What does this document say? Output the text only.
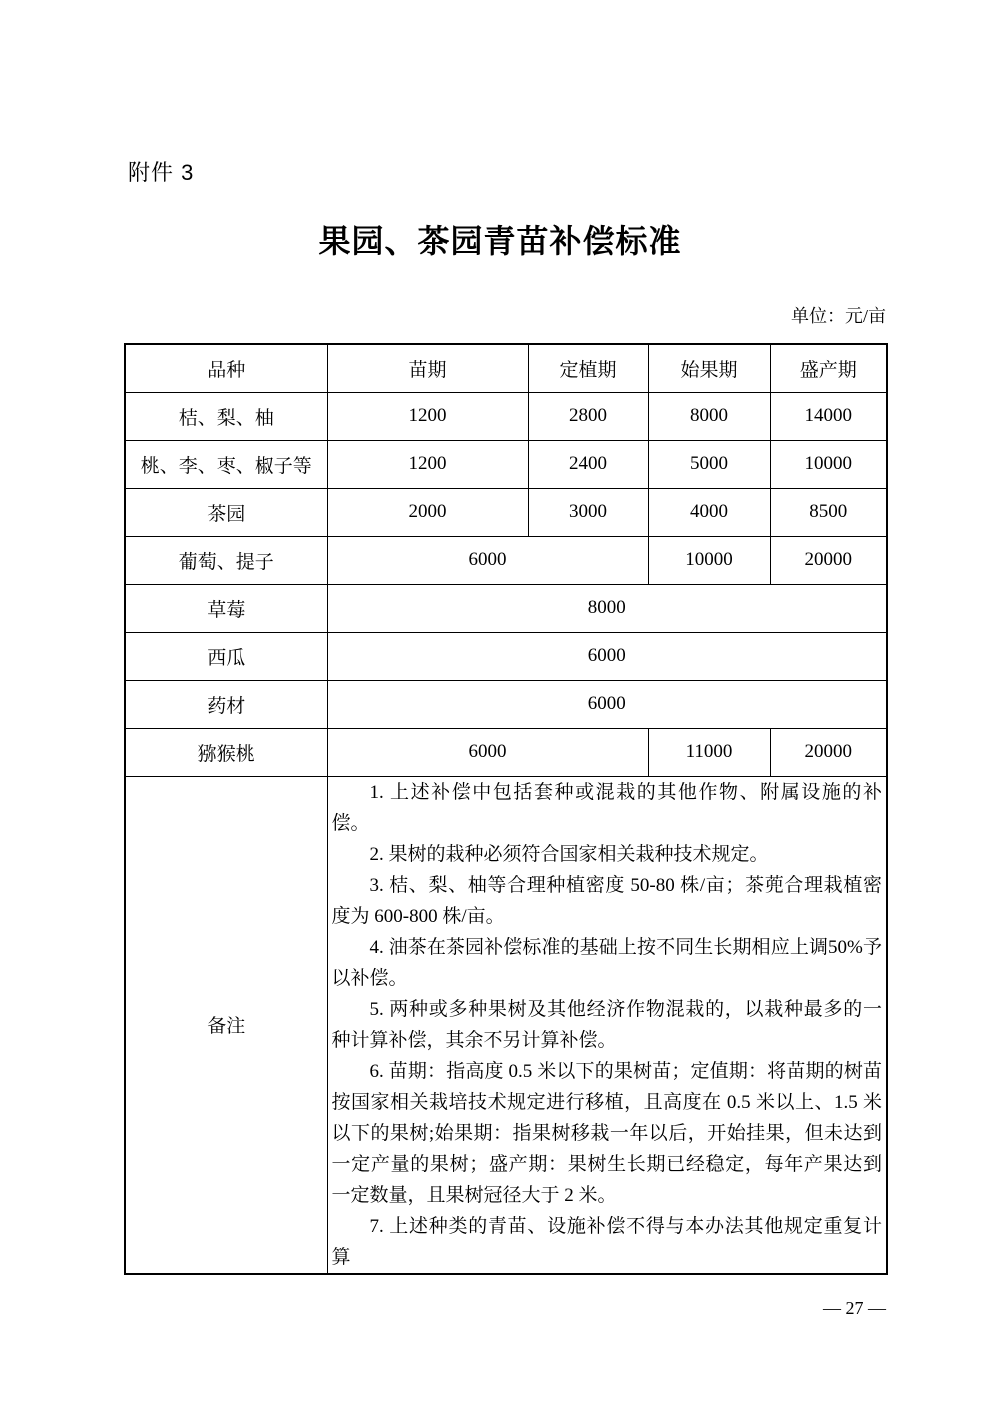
附件 3
果园、茶园青苗补偿标准
单位：元/亩
品种	苗期	定植期	始果期	盛产期
桔、梨、柚	1200	2800	8000	14000
桃、李、枣、椒子等	1200	2400	5000	10000
茶园	2000	3000	4000	8500
葡萄、提子	6000		10000	20000
草莓	8000			
西瓜	6000			
药材	6000			
猕猴桃	6000		11000	20000
备注	

1. 上述补偿中包括套种或混栽的其他作物、附属设施的补偿。

2. 果树的栽种必须符合国家相关栽种技术规定。

3. 桔、梨、柚等合理种植密度 50-80 株/亩；茶蔸合理栽植密度为 600-800 株/亩。

4. 油茶在茶园补偿标准的基础上按不同生长期相应上调50%予以补偿。

5. 两种或多种果树及其他经济作物混栽的，以栽种最多的一种计算补偿，其余不另计算补偿。

6. 苗期：指高度 0.5 米以下的果树苗；定值期：将苗期的树苗按国家相关栽培技术规定进行移植，且高度在 0.5 米以上、1.5 米以下的果树;始果期：指果树移栽一年以后，开始挂果，但未达到一定产量的果树；盛产期：果树生长期已经稳定，每年产果达到一定数量，且果树冠径大于 2 米。

7. 上述种类的青苗、设施补偿不得与本办法其他规定重复计算

— 27 —
